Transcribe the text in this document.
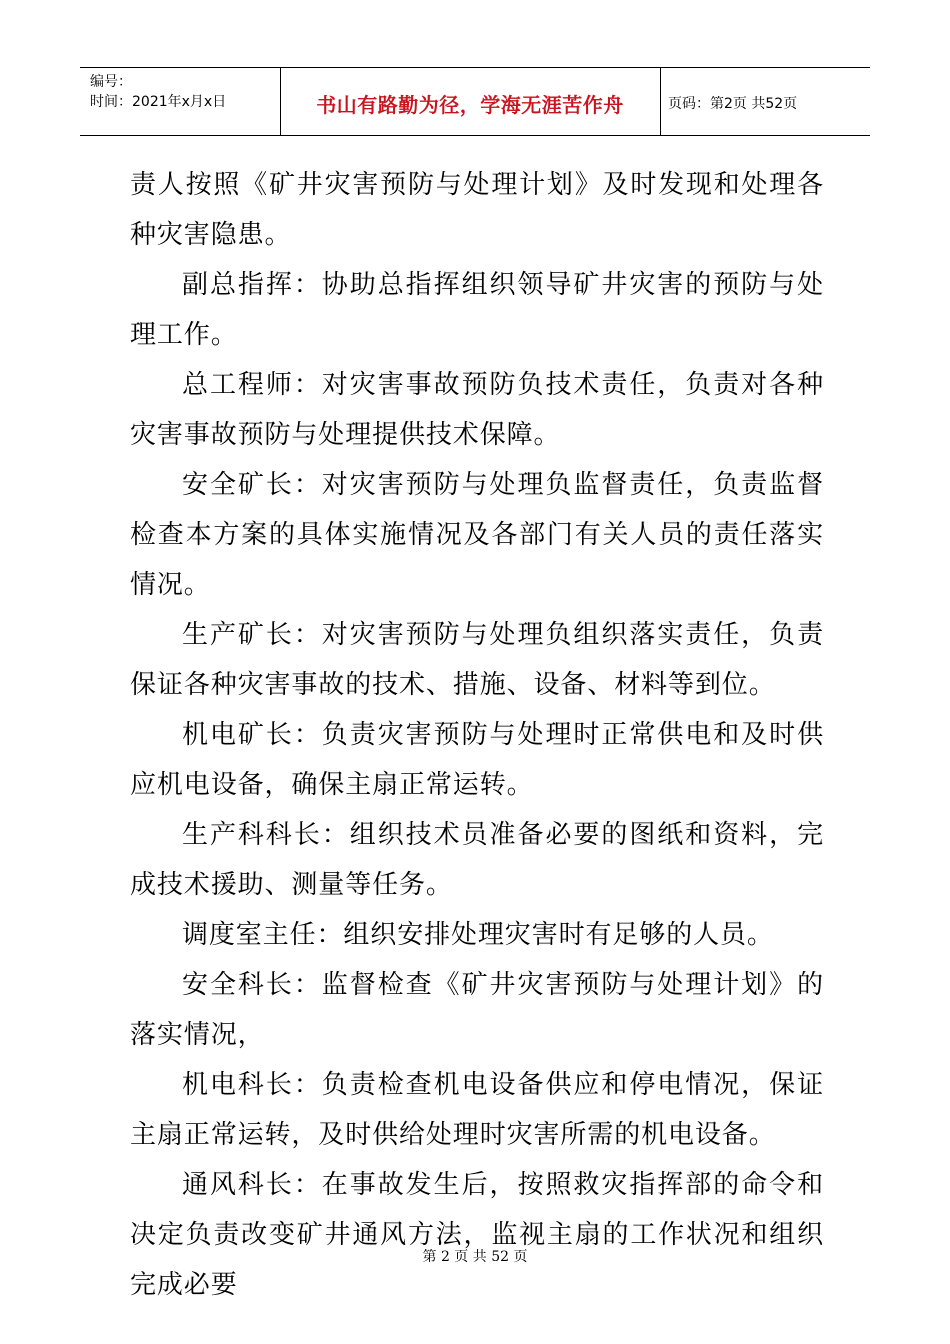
编号：
时间：2021年x月x日	书山有路勤为径，学海无涯苦作舟	页码：第2页 共52页

责人按照《矿井灾害预防与处理计划》及时发现和处理各种灾害隐患。

副总指挥：协助总指挥组织领导矿井灾害的预防与处理工作。

总工程师：对灾害事故预防负技术责任，负责对各种灾害事故预防与处理提供技术保障。

安全矿长：对灾害预防与处理负监督责任，负责监督检查本方案的具体实施情况及各部门有关人员的责任落实情况。

生产矿长：对灾害预防与处理负组织落实责任，负责保证各种灾害事故的技术、措施、设备、材料等到位。

机电矿长：负责灾害预防与处理时正常供电和及时供应机电设备，确保主扇正常运转。

生产科科长：组织技术员准备必要的图纸和资料，完成技术援助、测量等任务。

调度室主任：组织安排处理灾害时有足够的人员。

安全科长：监督检查《矿井灾害预防与处理计划》的落实情况，

机电科长：负责检查机电设备供应和停电情况，保证主扇正常运转，及时供给处理时灾害所需的机电设备。

通风科长：在事故发生后，按照救灾指挥部的命令和决定负责改变矿井通风方法，监视主扇的工作状况和组织完成必要

第 2 页 共 52 页
